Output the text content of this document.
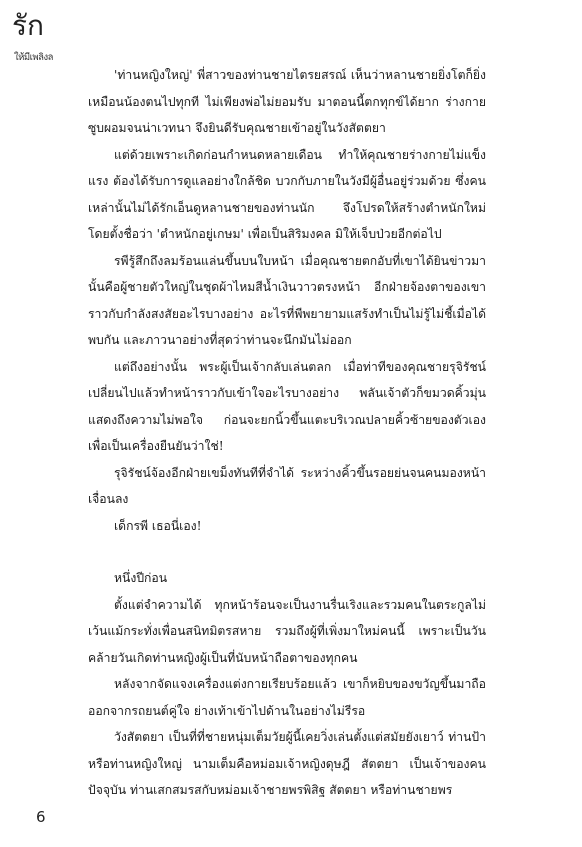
รัก
ให้มีเพลิงล

'ท่านหญิงใหญ่' พี่สาวของท่านชายไตรยสรณ์ เห็นว่าหลานชายยิ่งโตก็ยิ่งเหมือนน้องตนไปทุกที ไม่เพียงพ่อไม่ยอมรับ มาตอนนี้ตกทุกข์ได้ยาก ร่างกายซูบผอมจนน่าเวทนา จึงยินดีรับคุณชายเข้าอยู่ในวังสัตตยา

แต่ด้วยเพราะเกิดก่อนกำหนดหลายเดือน ทำให้คุณชายร่างกายไม่แข็งแรง ต้องได้รับการดูแลอย่างใกล้ชิด บวกกับภายในวังมีผู้อื่นอยู่ร่วมด้วย ซึ่งคนเหล่านั้นไม่ได้รักเอ็นดูหลานชายของท่านนัก จึงโปรดให้สร้างตำหนักใหม่ โดยตั้งชื่อว่า 'ตำหนักอยู่เกษม' เพื่อเป็นสิริมงคล มิให้เจ็บป่วยอีกต่อไป

รพีรู้สึกถึงลมร้อนแล่นขึ้นบนใบหน้า เมื่อคุณชายตกอับที่เขาได้ยินข่าวมานั้นคือผู้ชายตัวใหญ่ในชุดผ้าไหมสีน้ำเงินวาวตรงหน้า อีกฝ่ายจ้องตาของเขาราวกับกำลังสงสัยอะไรบางอย่าง อะไรที่พีพยายามแสร้งทำเป็นไม่รู้ไม่ชี้เมื่อได้พบกัน และภาวนาอย่างที่สุดว่าท่านจะนึกมันไม่ออก

แต่ถึงอย่างนั้น พระผู้เป็นเจ้ากลับเล่นตลก เมื่อท่าทีของคุณชายรุจิรัชน์เปลี่ยนไปแล้วทำหน้าราวกับเข้าใจอะไรบางอย่าง พลันเจ้าตัวก็ขมวดคิ้วมุ่นแสดงถึงความไม่พอใจ ก่อนจะยกนิ้วขึ้นแตะบริเวณปลายคิ้วซ้ายของตัวเองเพื่อเป็นเครื่องยืนยันว่าใช่!

รุจิรัชน์จ้องอีกฝ่ายเขม็งทันทีที่จำได้ ระหว่างคิ้วขึ้นรอยย่นจนคนมองหน้าเจื่อนลง

เด็กรพี เธอนี่เอง!

หนึ่งปีก่อน

ตั้งแต่จำความได้ ทุกหน้าร้อนจะเป็นงานรื่นเริงและรวมคนในตระกูลไม่เว้นแม้กระทั่งเพื่อนสนิทมิตรสหาย รวมถึงผู้ที่เพิ่งมาใหม่คนนี้ เพราะเป็นวันคล้ายวันเกิดท่านหญิงผู้เป็นที่นับหน้าถือตาของทุกคน

หลังจากจัดแจงเครื่องแต่งกายเรียบร้อยแล้ว เขาก็หยิบของขวัญขึ้นมาถือออกจากรถยนต์คู่ใจ ย่างเท้าเข้าไปด้านในอย่างไม่รีรอ

วังสัตตยา เป็นที่ที่ชายหนุ่มเต็มวัยผู้นี้เคยวิ่งเล่นตั้งแต่สมัยยังเยาว์ ท่านป้าหรือท่านหญิงใหญ่ นามเต็มคือหม่อมเจ้าหญิงดุษฎี สัตตยา เป็นเจ้าของคนปัจจุบัน ท่านเสกสมรสกับหม่อมเจ้าชายพรพิสิฐ สัตตยา หรือท่านชายพร

6
